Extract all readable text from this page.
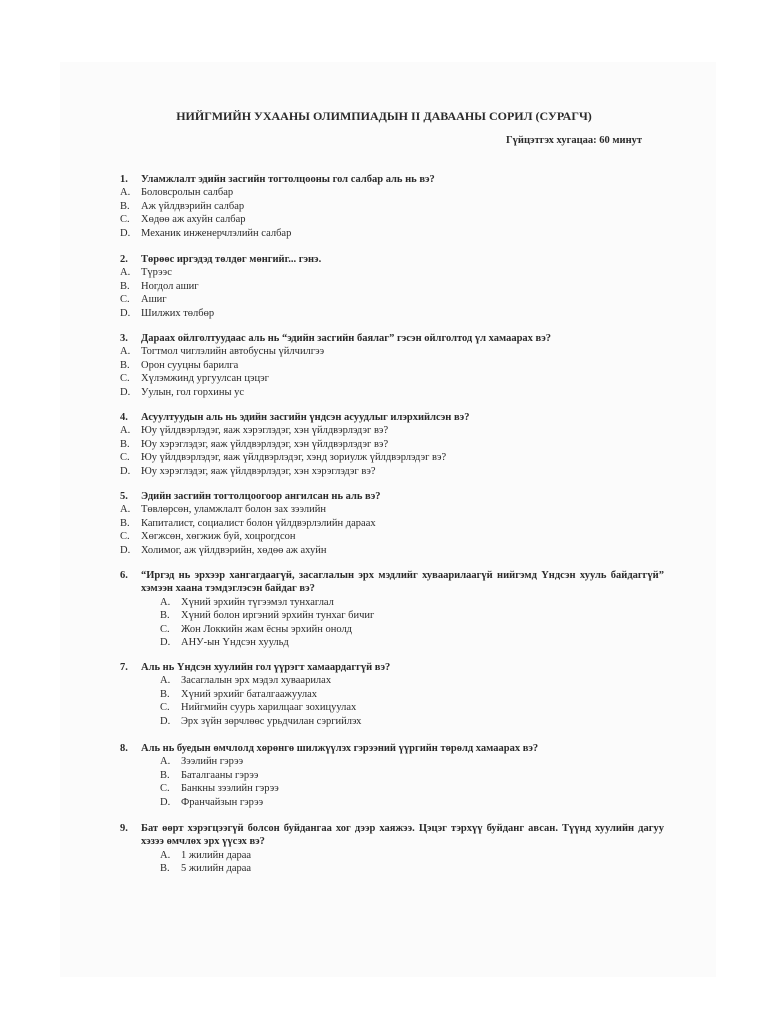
НИЙГМИЙН УХААНЫ ОЛИМПИАДЫН II ДАВААНЫ СОРИЛ (СУРАГЧ)
Гүйцэтгэх хугацаа: 60 минут
1.	Уламжлалт эдийн засгийн тогтолцооны гол салбар аль нь вэ?
A.	Боловсролын салбар
B.	Аж үйлдвэрийн салбар
C.	Хөдөө аж ахуйн салбар
D.	Механик инженерчлэлийн салбар
2.	Төрөөс иргэдэд төлдөг мөнгийг... гэнэ.
A.	Түрээс
B.	Ногдол ашиг
C.	Ашиг
D.	Шилжих төлбөр
3.	Дараах ойлголтуудаас аль нь “эдийн засгийн баялаг” гэсэн ойлголтод үл хамаарах вэ?
A.	Тогтмол чиглэлийн автобусны үйлчилгээ
B.	Орон сууцны барилга
C.	Хүлэмжинд ургуулсан цэцэг
D.	Уулын, гол горхины ус
4.	Асуултуудын аль нь эдийн засгийн үндсэн асуудлыг илэрхийлсэн вэ?
A.	Юу үйлдвэрлэдэг, яаж хэрэглэдэг, хэн үйлдвэрлэдэг вэ?
B.	Юу хэрэглэдэг, яаж үйлдвэрлэдэг, хэн үйлдвэрлэдэг вэ?
C.	Юу үйлдвэрлэдэг, яаж үйлдвэрлэдэг, хэнд зориулж үйлдвэрлэдэг вэ?
D.	Юу хэрэглэдэг, яаж үйлдвэрлэдэг, хэн хэрэглэдэг вэ?
5.	Эдийн засгийн тогтолцоогоор ангилсан нь аль вэ?
A.	Төвлөрсөн, уламжлалт болон зах зээлийн
B.	Капиталист, социалист болон үйлдвэрлэлийн дараах
C.	Хөгжсөн, хөгжиж буй, хоцрогдсон
D.	Холимог, аж үйлдвэрийн, хөдөө аж ахуйн
6.	“Иргэд нь эрхээр хангагдаагүй, засаглалын эрх мэдлийг хуваарилаагүй нийгэмд Үндсэн хууль байдаггүй” хэмээн хаана тэмдэглэсэн байдаг вэ?
A.	Хүний эрхийн түгээмэл тунхаглал
B.	Хүний болон иргэний эрхийн тунхаг бичиг
C.	Жон Локкийн жам ёсны эрхийн онолд
D.	АНУ-ын Үндсэн хуульд
7.	Аль нь Үндсэн хуулийн гол үүрэгт хамаардаггүй вэ?
A.	Засаглалын эрх мэдэл хуваарилах
B.	Хүний эрхийг баталгаажуулах
C.	Нийгмийн суурь харилцааг зохицуулах
D.	Эрх зүйн зөрчлөөс урьдчилан сэргийлэх
8.	Аль нь буедын өмчлолд хөрөнгө шилжүүлэх гэрээний үүргийн төрөлд хамаарах вэ?
A.	Зээлийн гэрээ
B.	Баталгааны гэрээ
C.	Банкны зээлийн гэрээ
D.	Франчайзын гэрээ
9.	Бат өөрт хэрэгцээгүй болсон буйдангаа хог дээр хаяжээ. Цэцэг тэрхүү буйданг авсан. Түүнд хуулийн дагуу хэзээ өмчлөх эрх үүсэх вэ?
A.	1 жилийн дараа
B.	5 жилийн дараа
